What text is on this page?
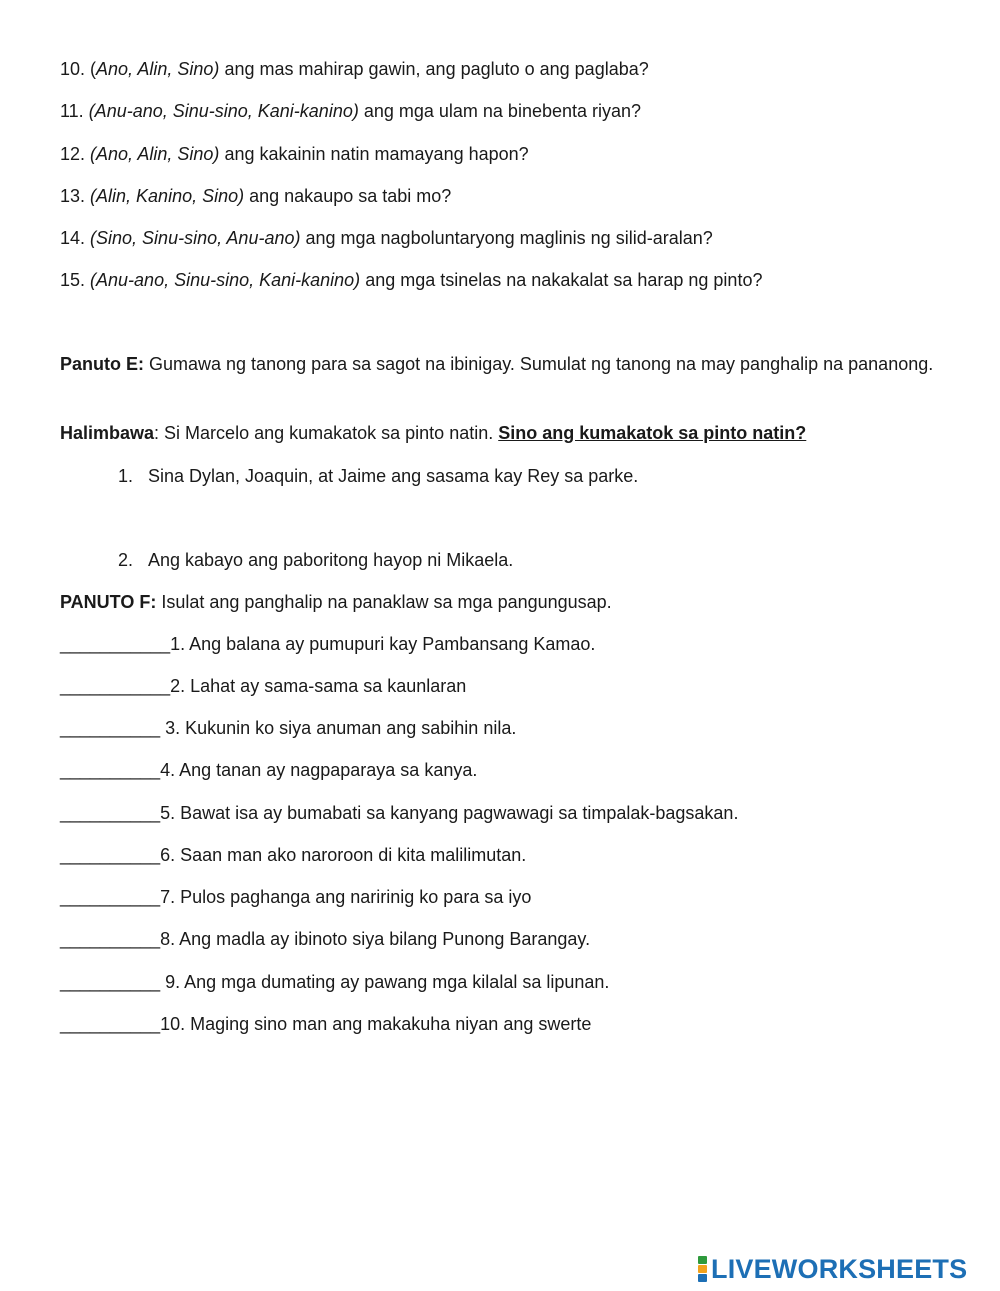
10. (Ano, Alin, Sino) ang mas mahirap gawin, ang pagluto o ang paglaba?
11. (Anu-ano, Sinu-sino, Kani-kanino) ang mga ulam na binebenta riyan?
12. (Ano, Alin, Sino) ang kakainin natin mamayang hapon?
13. (Alin, Kanino, Sino) ang nakaupo sa tabi mo?
14. (Sino, Sinu-sino, Anu-ano) ang mga nagboluntaryong maglinis ng silid-aralan?
15. (Anu-ano, Sinu-sino, Kani-kanino) ang mga tsinelas na nakakalat sa harap ng pinto?
Panuto E: Gumawa ng tanong para sa sagot na ibinigay. Sumulat ng tanong na may panghalip na pananong.
Halimbawa: Si Marcelo ang kumakatok sa pinto natin. Sino ang kumakatok sa pinto natin?
1. Sina Dylan, Joaquin, at Jaime ang sasama kay Rey sa parke.
2. Ang kabayo ang paboritong hayop ni Mikaela.
PANUTO F: Isulat ang panghalip na panaklaw sa mga pangungusap.
___________1. Ang balana ay pumupuri kay Pambansang Kamao.
___________2. Lahat ay sama-sama sa kaunlaran
__________ 3. Kukunin ko siya anuman ang sabihin nila.
__________4. Ang tanan ay nagpaparaya sa kanya.
__________5. Bawat isa ay bumabati sa kanyang pagwawagi sa timpalak-bagsakan.
__________6. Saan man ako naroroon di kita malilimutan.
__________7. Pulos paghanga ang naririnig ko para sa iyo
__________8. Ang madla ay ibinoto siya bilang Punong Barangay.
__________ 9. Ang mga dumating ay pawang mga kilalal sa lipunan.
__________10. Maging sino man ang makakuha niyan ang swerte
LIVEWORKSHEETS
